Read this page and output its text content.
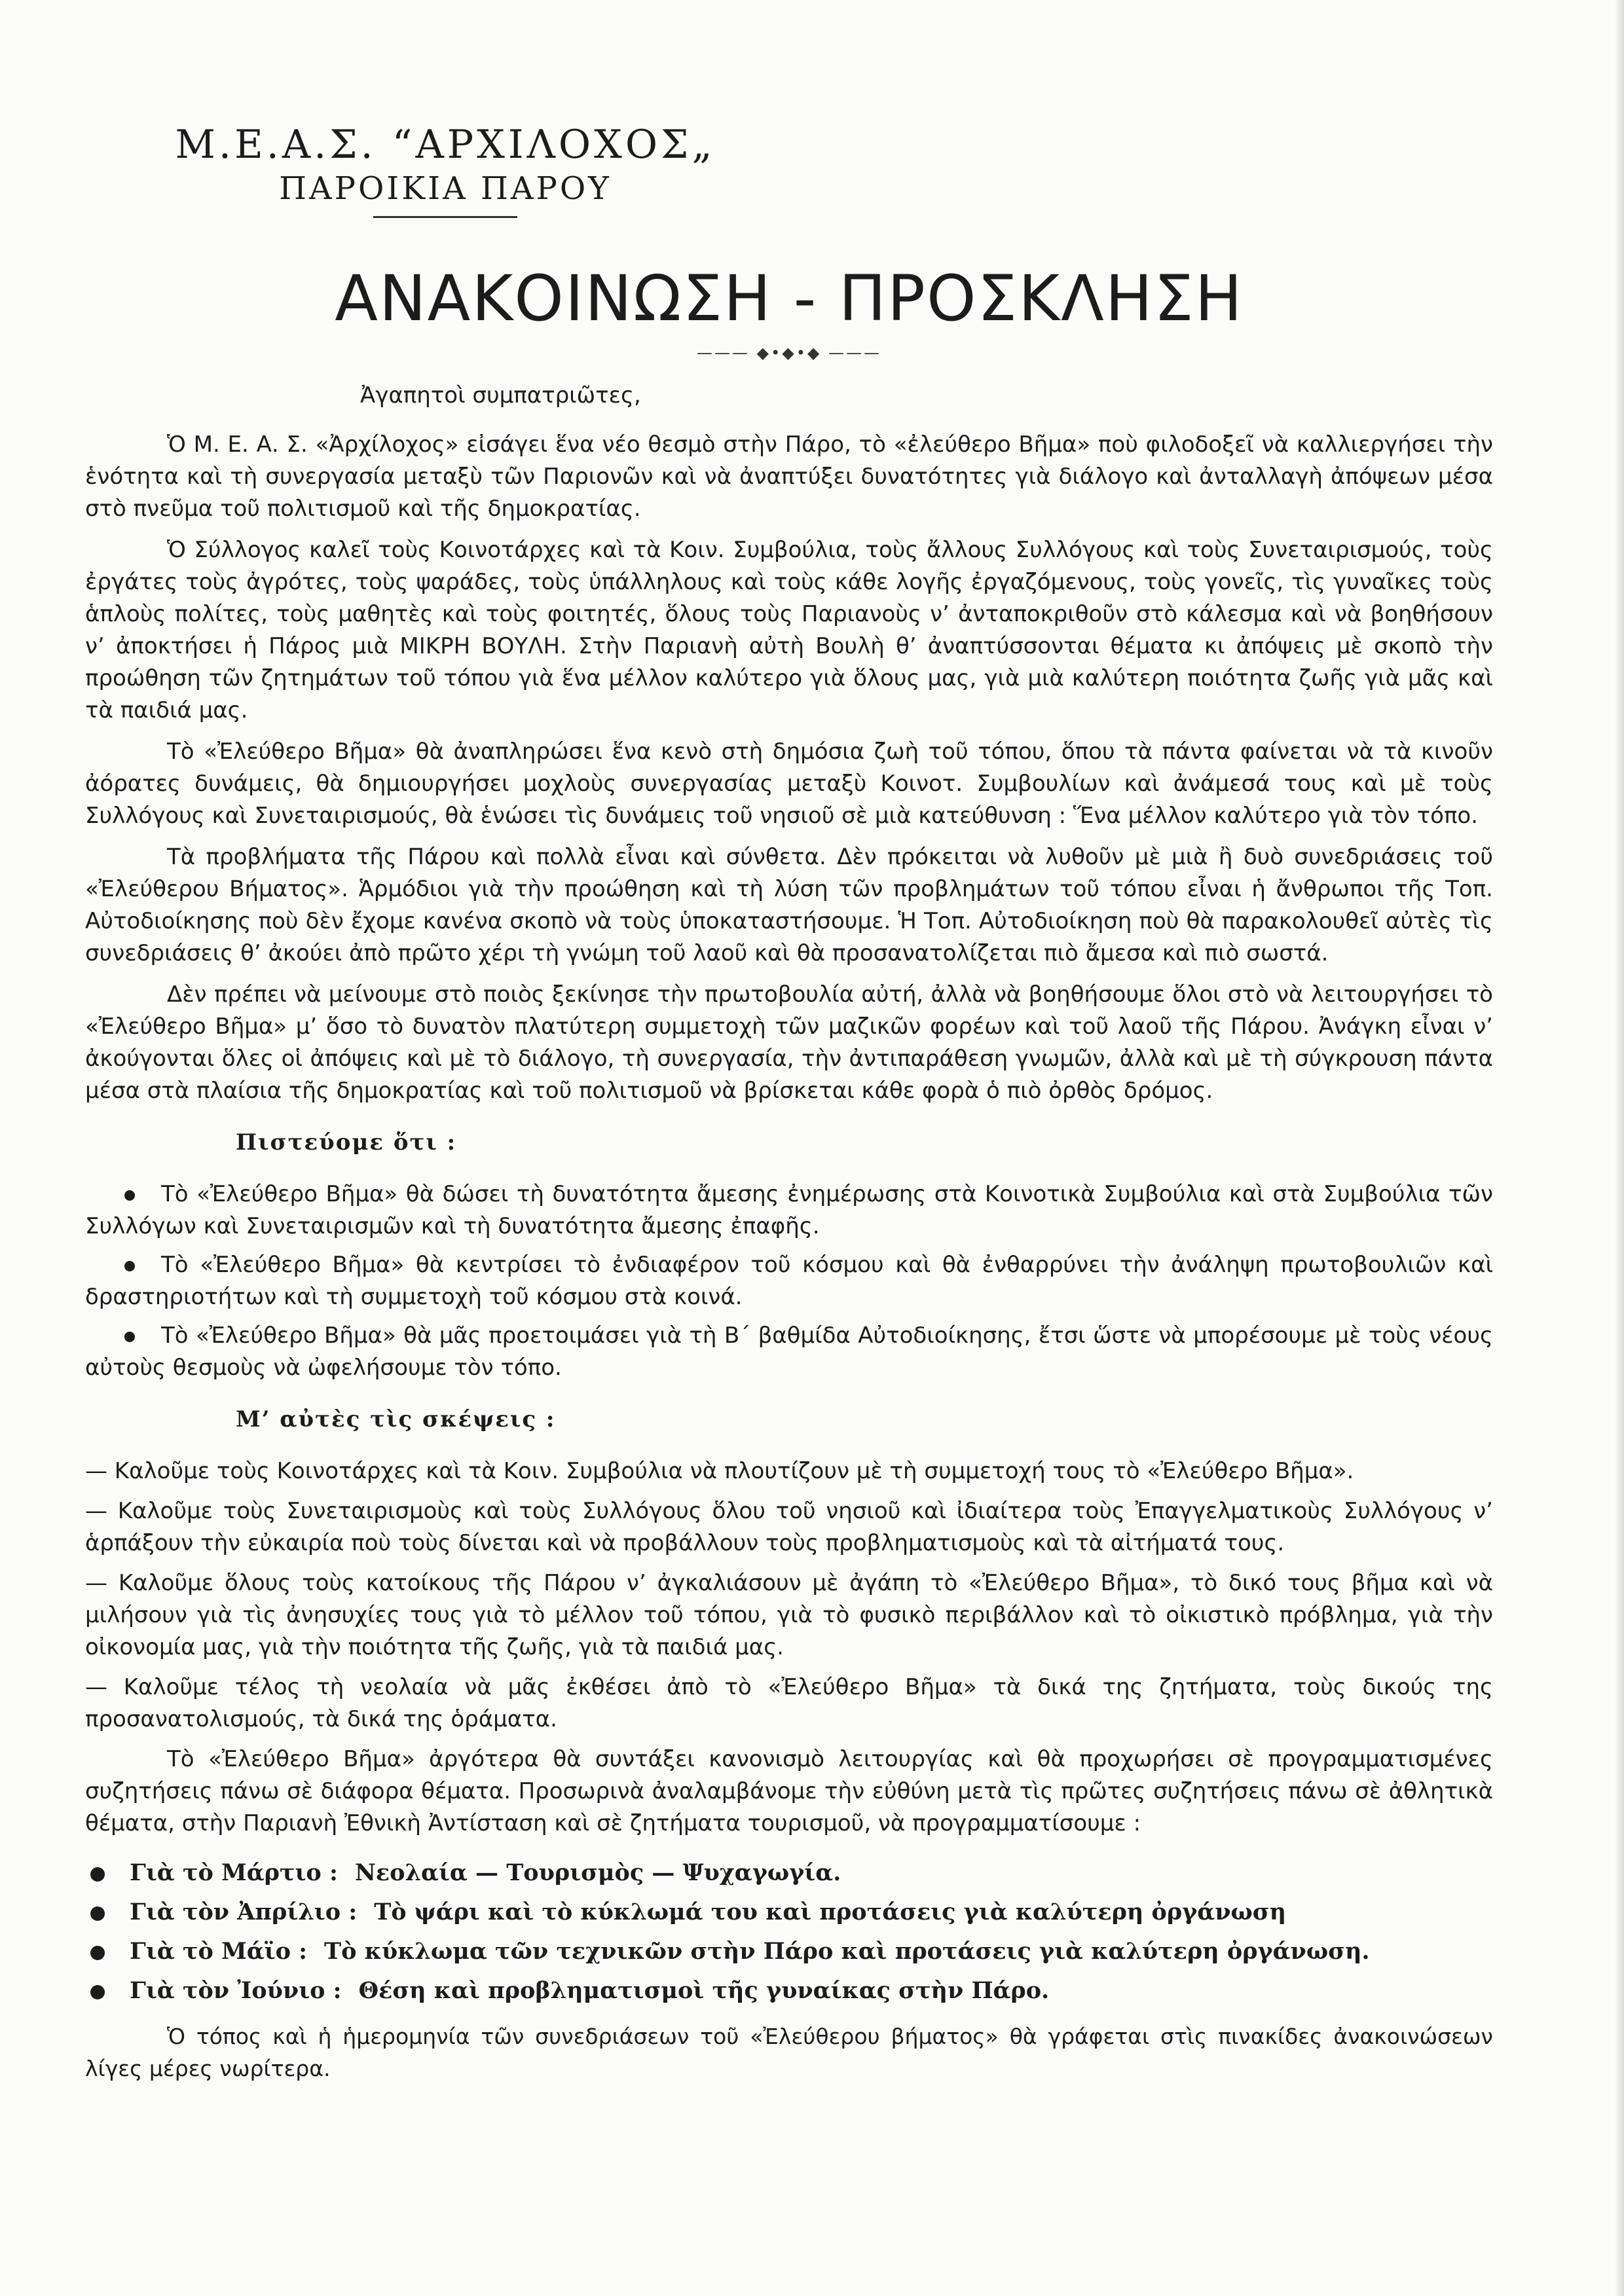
Μ.Ε.Α.Σ. “ΑΡΧΙΛΟΧΟΣ„
ΠΑΡΟΙΚΙΑ ΠΑΡΟΥ
ΑΝΑΚΟΙΝΩΣΗ - ΠΡΟΣΚΛΗΣΗ
——— ◆•◆•◆ ———

Ἀγαπητοὶ συμπατριῶτες,

Ὁ Μ. Ε. Α. Σ. «Ἀρχίλοχος» εἰσάγει ἕνα νέο θεσμὸ στὴν Πάρο, τὸ «ἐλεύθερο Βῆμα» ποὺ φιλοδοξεῖ νὰ καλλιεργήσει τὴν ἑνότητα καὶ τὴ συνεργασία μεταξὺ τῶν Παριονῶν καὶ νὰ ἀναπτύξει δυνατότητες γιὰ διάλογο καὶ ἀνταλλαγὴ ἀπόψεων μέσα στὸ πνεῦμα τοῦ πολιτισμοῦ καὶ τῆς δημοκρατίας.

Ὁ Σύλλογος καλεῖ τοὺς Κοινοτάρχες καὶ τὰ Κοιν. Συμβούλια, τοὺς ἄλλους Συλλόγους καὶ τοὺς Συνεταιρισμούς, τοὺς ἐργάτες τοὺς ἀγρότες, τοὺς ψαράδες, τοὺς ὑπάλληλους καὶ τοὺς κάθε λογῆς ἐργαζόμενους, τοὺς γονεῖς, τὶς γυναῖκες τοὺς ἁπλοὺς πολίτες, τοὺς μαθητὲς καὶ τοὺς φοιτητές, ὅλους τοὺς Παριανοὺς ν’ ἀνταποκριθοῦν στὸ κάλεσμα καὶ νὰ βοηθήσουν ν’ ἀποκτήσει ἡ Πάρος μιὰ ΜΙΚΡΗ ΒΟΥΛΗ. Στὴν Παριανὴ αὐτὴ Βουλὴ θ’ ἀναπτύσσονται θέματα κι ἀπόψεις μὲ σκοπὸ τὴν προώθηση τῶν ζητημάτων τοῦ τόπου γιὰ ἕνα μέλλον καλύτερο γιὰ ὅλους μας, γιὰ μιὰ καλύτερη ποιότητα ζωῆς γιὰ μᾶς καὶ τὰ παιδιά μας.

Τὸ «Ἐλεύθερο Βῆμα» θὰ ἀναπληρώσει ἕνα κενὸ στὴ δημόσια ζωὴ τοῦ τόπου, ὅπου τὰ πάντα φαίνεται νὰ τὰ κινοῦν ἀόρατες δυνάμεις, θὰ δημιουργήσει μοχλοὺς συνεργασίας μεταξὺ Κοινοτ. Συμβουλίων καὶ ἀνάμεσά τους καὶ μὲ τοὺς Συλλόγους καὶ Συνεταιρισμούς, θὰ ἑνώσει τὶς δυνάμεις τοῦ νησιοῦ σὲ μιὰ κατεύθυνση : Ἕνα μέλλον καλύτερο γιὰ τὸν τόπο.

Τὰ προβλήματα τῆς Πάρου καὶ πολλὰ εἶναι καὶ σύνθετα. Δὲν πρόκειται νὰ λυθοῦν μὲ μιὰ ἢ δυὸ συνεδριάσεις τοῦ «Ἐλεύθερου Βήματος». Ἁρμόδιοι γιὰ τὴν προώθηση καὶ τὴ λύση τῶν προβλημάτων τοῦ τόπου εἶναι ἡ ἄνθρωποι τῆς Τοπ. Αὐτοδιοίκησης ποὺ δὲν ἔχομε κανένα σκοπὸ νὰ τοὺς ὑποκαταστήσουμε. Ἡ Τοπ. Αὐτοδιοίκηση ποὺ θὰ παρακολουθεῖ αὐτὲς τὶς συνεδριάσεις θ’ ἀκούει ἀπὸ πρῶτο χέρι τὴ γνώμη τοῦ λαοῦ καὶ θὰ προσανατολίζεται πιὸ ἄμεσα καὶ πιὸ σωστά.

Δὲν πρέπει νὰ μείνουμε στὸ ποιὸς ξεκίνησε τὴν πρωτοβουλία αὐτή, ἀλλὰ νὰ βοηθήσουμε ὅλοι στὸ νὰ λειτουργήσει τὸ «Ἐλεύθερο Βῆμα» μ’ ὅσο τὸ δυνατὸν πλατύτερη συμμετοχὴ τῶν μαζικῶν φορέων καὶ τοῦ λαοῦ τῆς Πάρου. Ἀνάγκη εἶναι ν’ ἀκούγονται ὅλες οἱ ἀπόψεις καὶ μὲ τὸ διάλογο, τὴ συνεργασία, τὴν ἀντιπαράθεση γνωμῶν, ἀλλὰ καὶ μὲ τὴ σύγκρουση πάντα μέσα στὰ πλαίσια τῆς δημοκρατίας καὶ τοῦ πολιτισμοῦ νὰ βρίσκεται κάθε φορὰ ὁ πιὸ ὀρθὸς δρόμος.

Πιστεύομε ὅτι :

Τὸ «Ἐλεύθερο Βῆμα» θὰ δώσει τὴ δυνατότητα ἄμεσης ἐνημέρωσης στὰ Κοινοτικὰ Συμβούλια καὶ στὰ Συμβούλια τῶν Συλλόγων καὶ Συνεταιρισμῶν καὶ τὴ δυνατότητα ἄμεσης ἐπαφῆς.

Τὸ «Ἐλεύθερο Βῆμα» θὰ κεντρίσει τὸ ἐνδιαφέρον τοῦ κόσμου καὶ θὰ ἐνθαρρύνει τὴν ἀνάληψη πρωτοβουλιῶν καὶ δραστηριοτήτων καὶ τὴ συμμετοχὴ τοῦ κόσμου στὰ κοινά.

Τὸ «Ἐλεύθερο Βῆμα» θὰ μᾶς προετοιμάσει γιὰ τὴ Β΄ βαθμίδα Αὐτοδιοίκησης, ἔτσι ὥστε νὰ μπορέσουμε μὲ τοὺς νέους αὐτοὺς θεσμοὺς νὰ ὠφελήσουμε τὸν τόπο.

Μ’ αὐτὲς τὶς σκέψεις :

— Καλοῦμε τοὺς Κοινοτάρχες καὶ τὰ Κοιν. Συμβούλια νὰ πλουτίζουν μὲ τὴ συμμετοχή τους τὸ «Ἐλεύθερο Βῆμα».

— Καλοῦμε τοὺς Συνεταιρισμοὺς καὶ τοὺς Συλλόγους ὅλου τοῦ νησιοῦ καὶ ἰδιαίτερα τοὺς Ἐπαγγελματικοὺς Συλλόγους ν’ ἁρπάξουν τὴν εὐκαιρία ποὺ τοὺς δίνεται καὶ νὰ προβάλλουν τοὺς προβληματισμοὺς καὶ τὰ αἰτήματά τους.

— Καλοῦμε ὅλους τοὺς κατοίκους τῆς Πάρου ν’ ἀγκαλιάσουν μὲ ἀγάπη τὸ «Ἐλεύθερο Βῆμα», τὸ δικό τους βῆμα καὶ νὰ μιλήσουν γιὰ τὶς ἀνησυχίες τους γιὰ τὸ μέλλον τοῦ τόπου, γιὰ τὸ φυσικὸ περιβάλλον καὶ τὸ οἰκιστικὸ πρόβλημα, γιὰ τὴν οἰκονομία μας, γιὰ τὴν ποιότητα τῆς ζωῆς, γιὰ τὰ παιδιά μας.

— Καλοῦμε τέλος τὴ νεολαία νὰ μᾶς ἐκθέσει ἀπὸ τὸ «Ἐλεύθερο Βῆμα» τὰ δικά της ζητήματα, τοὺς δικούς της προσανατολισμούς, τὰ δικά της ὁράματα.

Τὸ «Ἐλεύθερο Βῆμα» ἀργότερα θὰ συντάξει κανονισμὸ λειτουργίας καὶ θὰ προχωρήσει σὲ προγραμματισμένες συζητήσεις πάνω σὲ διάφορα θέματα. Προσωρινὰ ἀναλαμβάνομε τὴν εὐθύνη μετὰ τὶς πρῶτες συζητήσεις πάνω σὲ ἀθλητικὰ θέματα, στὴν Παριανὴ Ἐθνικὴ Ἀντίσταση καὶ σὲ ζητήματα τουρισμοῦ, νὰ προγραμματίσουμε :

Γιὰ τὸ Μάρτιο : Νεολαία — Τουρισμὸς — Ψυχαγωγία.
Γιὰ τὸν Ἀπρίλιο : Τὸ ψάρι καὶ τὸ κύκλωμά του καὶ προτάσεις γιὰ καλύτερη ὀργάνωση
Γιὰ τὸ Μάϊο : Τὸ κύκλωμα τῶν τεχνικῶν στὴν Πάρο καὶ προτάσεις γιὰ καλύτερη ὀργάνωση.
Γιὰ τὸν Ἰούνιο : Θέση καὶ προβληματισμοὶ τῆς γυναίκας στὴν Πάρο.

Ὁ τόπος καὶ ἡ ἡμερομηνία τῶν συνεδριάσεων τοῦ «Ἐλεύθερου βήματος» θὰ γράφεται στὶς πινακίδες ἀνακοινώσεων λίγες μέρες νωρίτερα.
